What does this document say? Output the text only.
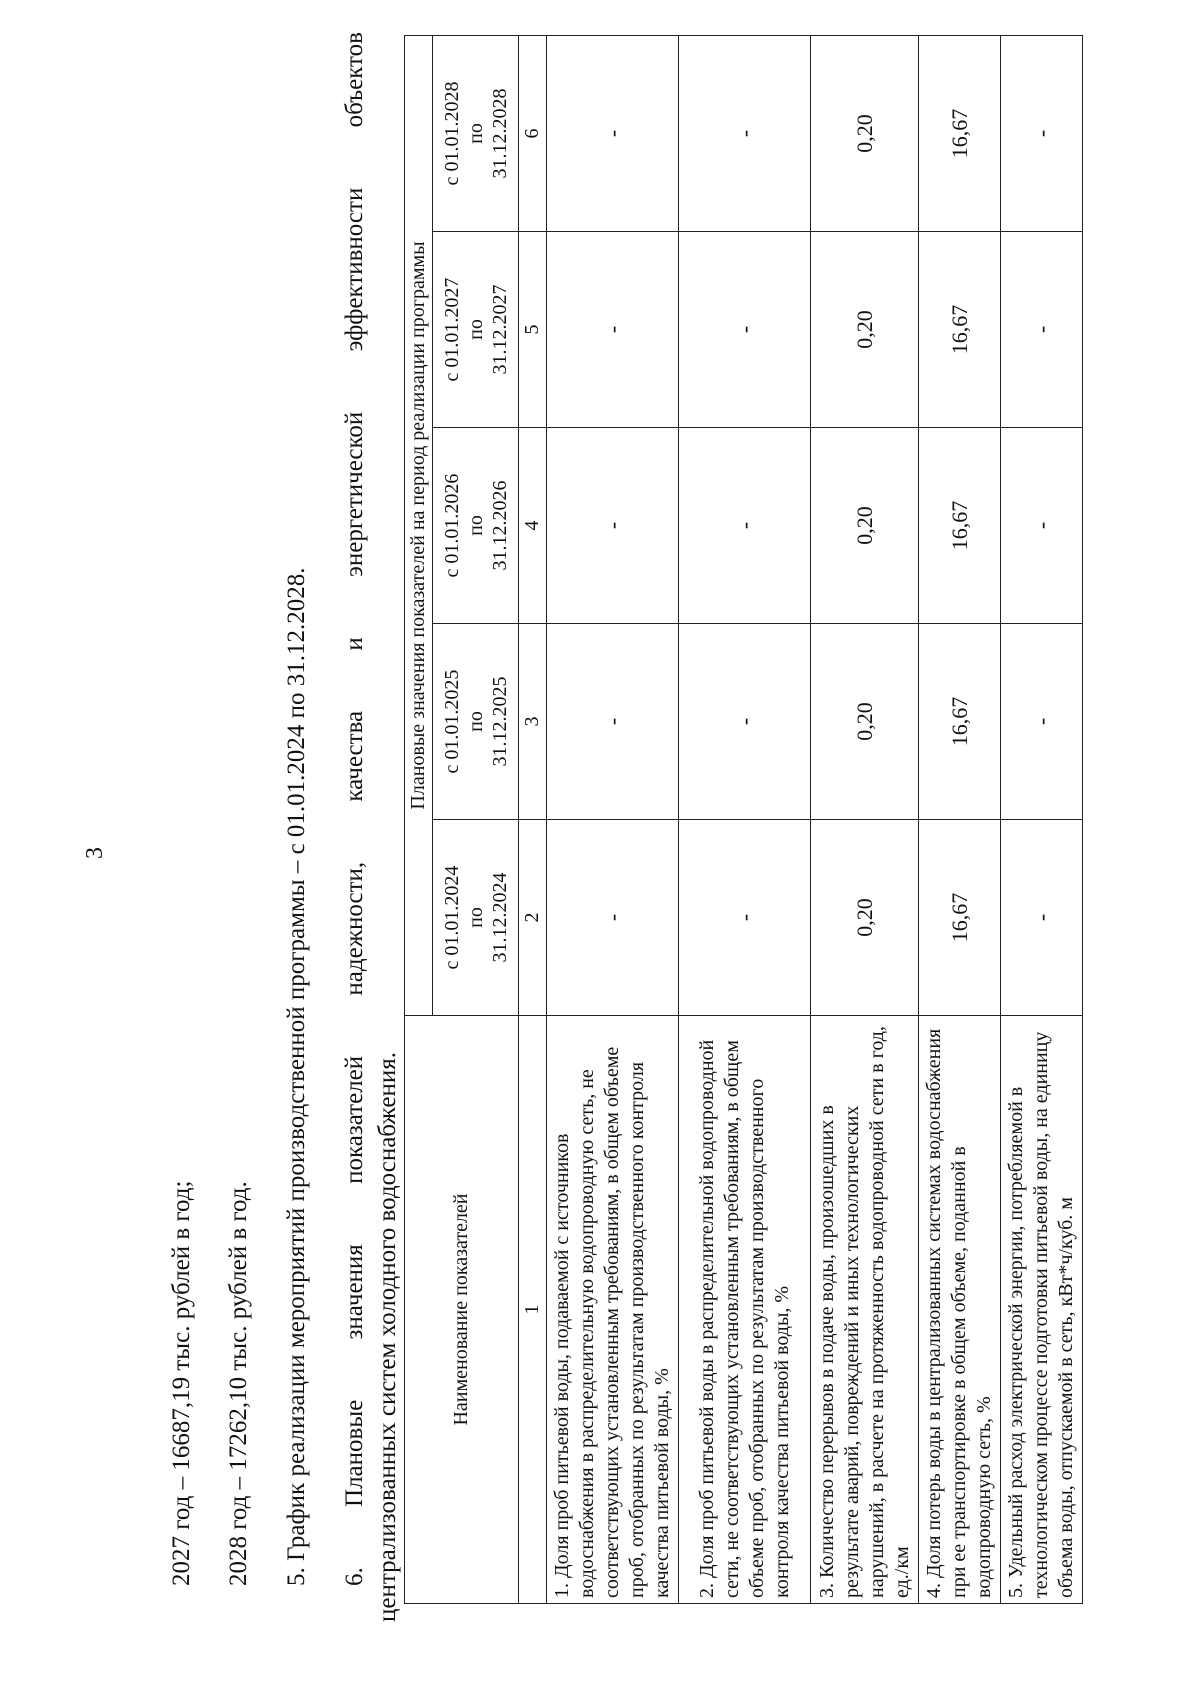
3
2027 год – 16687,19 тыс. рублей в год; 2028 год – 17262,10 тыс. рублей в год. 5. График реализации мероприятий производственной программы – с 01.01.2024 по 31.12.2028. 6.
Плановые
значения
показателей
надежности,
качества
и
энергетической
эффективности
объектов
централизованных систем холодного водоснабжения. Наименование показателей	Плановые значения показателей на период реализации программы				
	с 01.01.2024 по 31.12.2024	с 01.01.2025 по 31.12.2025	с 01.01.2026 по 31.12.2026	с 01.01.2027 по 31.12.2027	с 01.01.2028 по 31.12.2028
1	2	3	4	5	6
1. Доля проб питьевой воды, подаваемой с источников водоснабжения в распределительную водопроводную сеть, не соответствующих установленным требованиям, в общем объеме проб, отобранных по результатам производственного контроля качества питьевой воды, %	-	-	-	-	-
2. Доля проб питьевой воды в распределительной водопроводной сети, не соответствующих установленным требованиям, в общем объеме проб, отобранных по результатам производственного контроля качества питьевой воды, %	-	-	-	-	-
3. Количество перерывов в подаче воды, произошедших в результате аварий, повреждений и иных технологических нарушений, в расчете на протяженность водопроводной сети в год, ед./км	0,20	0,20	0,20	0,20	0,20
4. Доля потерь воды в централизованных системах водоснабжения при ее транспортировке в общем объеме, поданной в водопроводную сеть, %	16,67	16,67	16,67	16,67	16,67
5. Удельный расход электрической энергии, потребляемой в технологическом процессе подготовки питьевой воды, на единицу объема воды, отпускаемой в сеть, кВт*ч/куб. м	-	-	-	-	-
